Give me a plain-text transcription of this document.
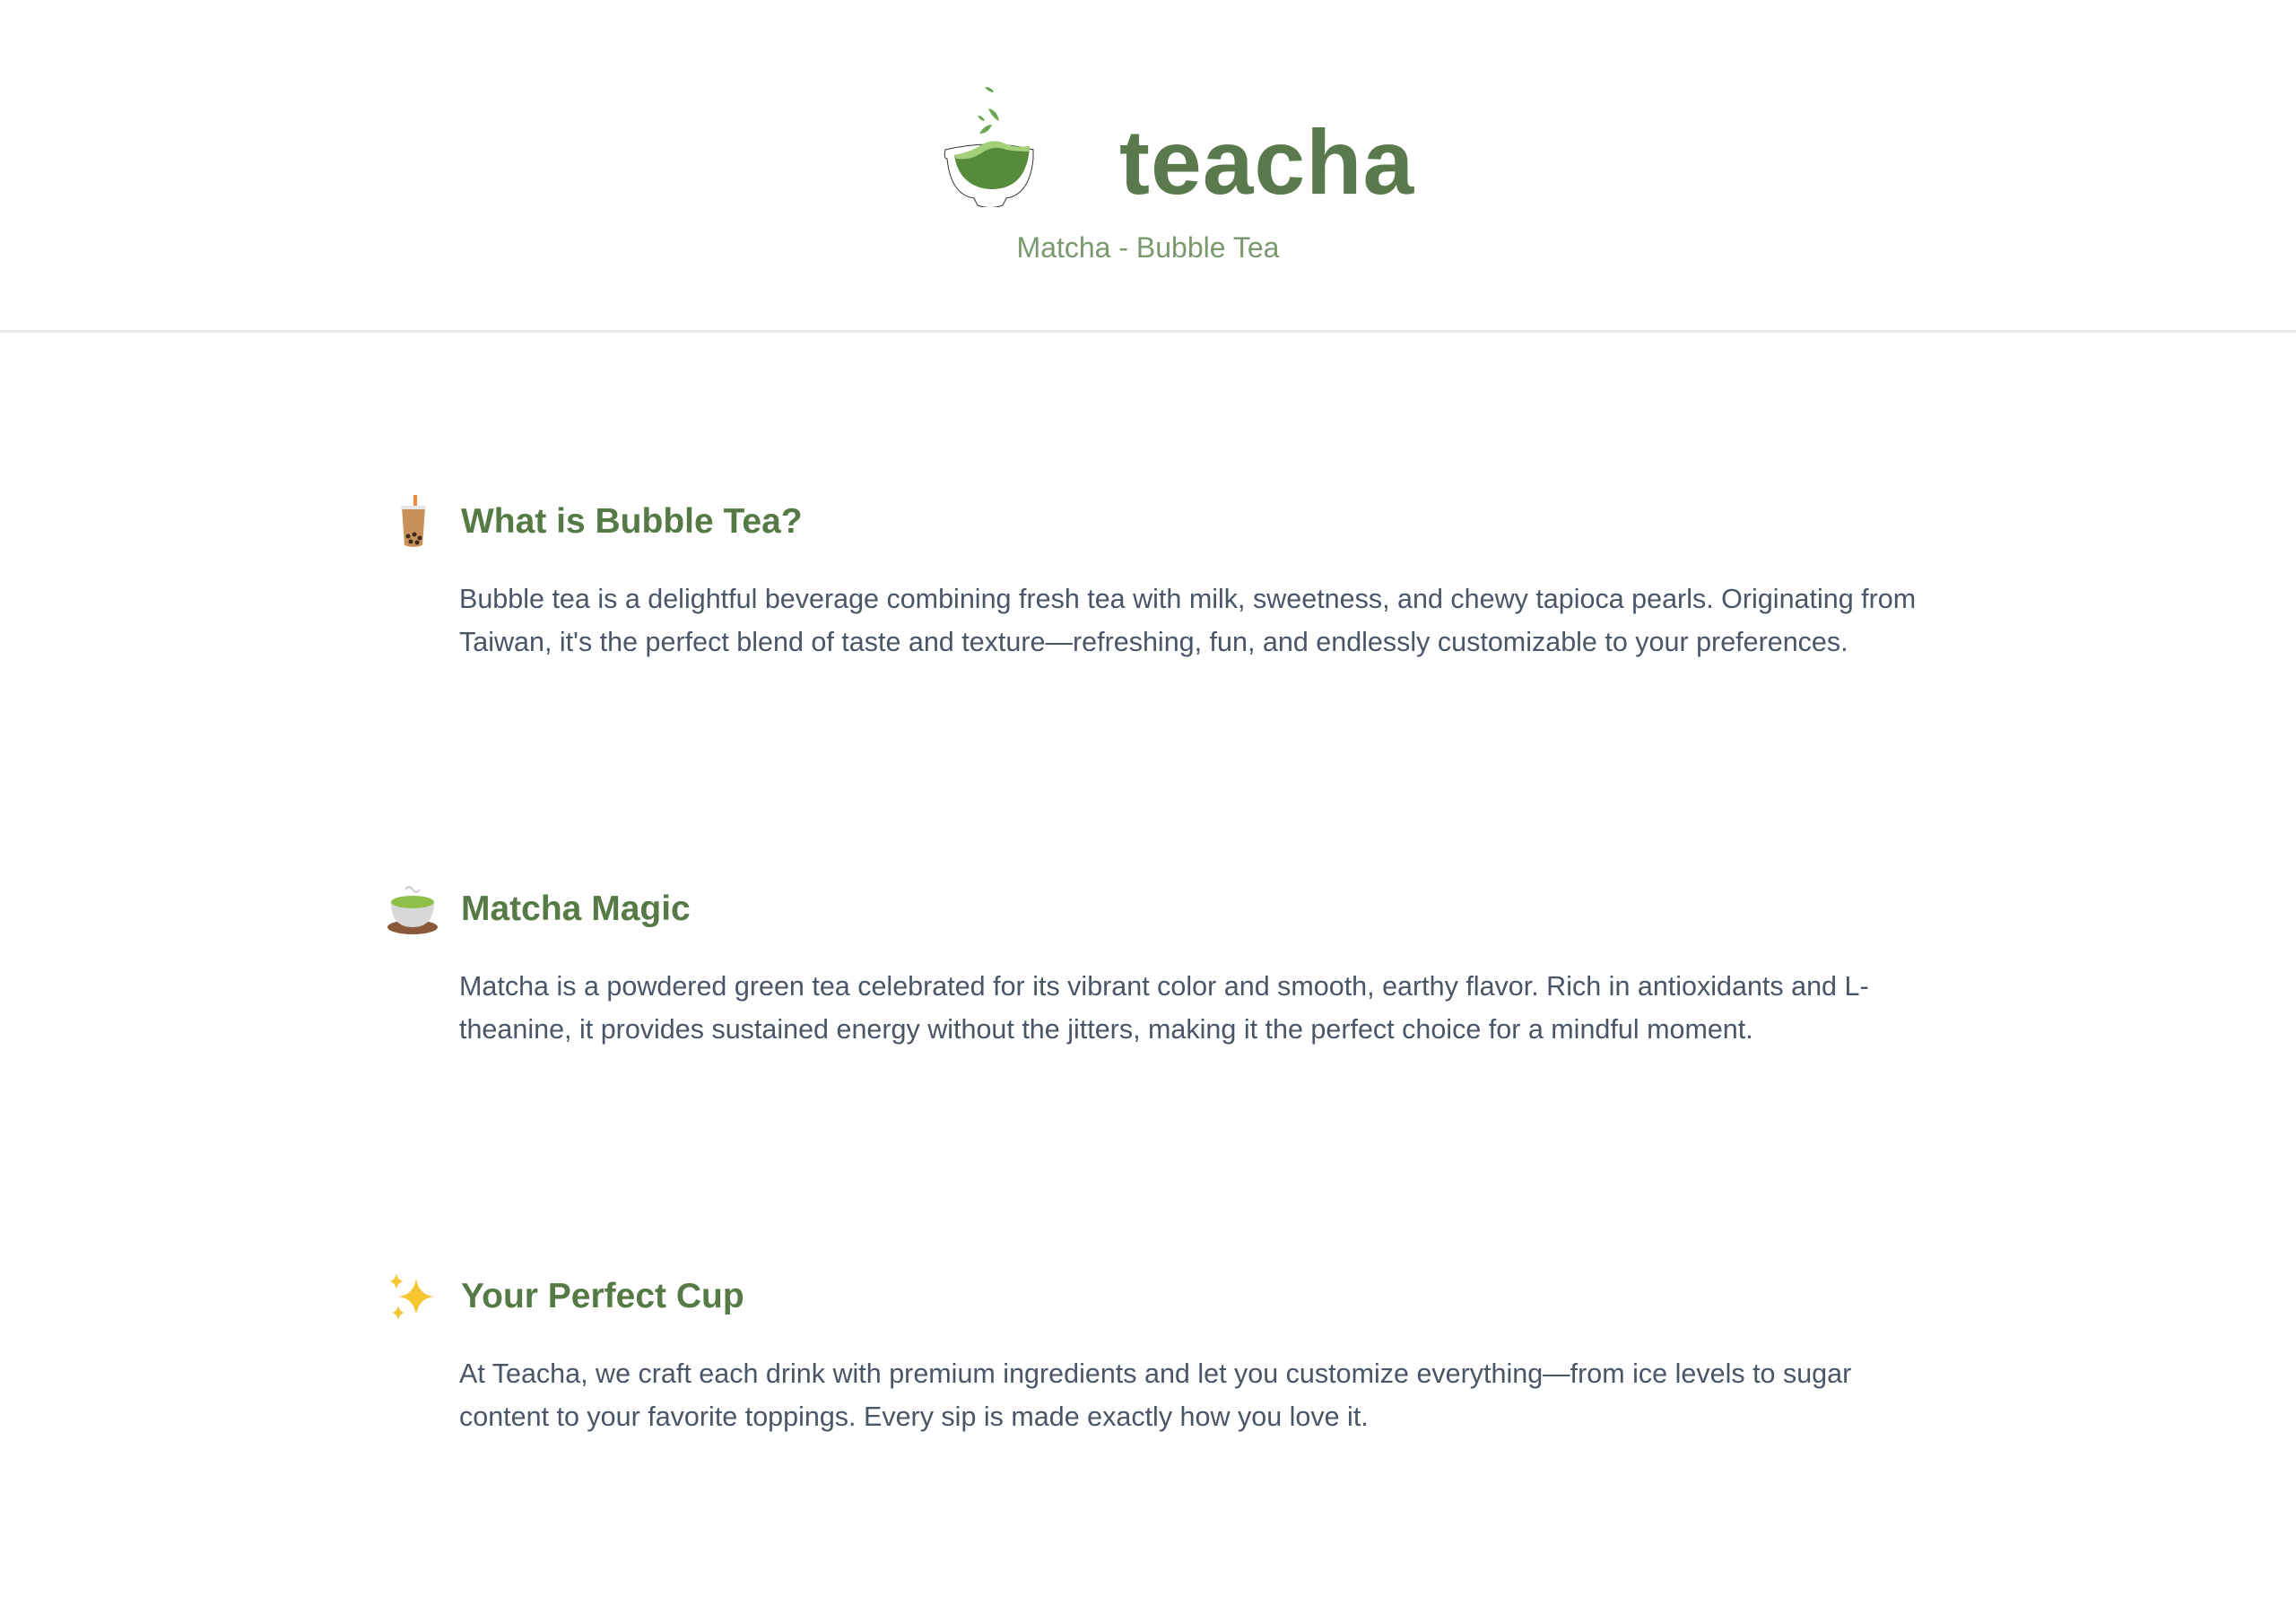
teacha
Matcha - Bubble Tea
What is Bubble Tea?

Bubble tea is a delightful beverage combining fresh tea with milk, sweetness, and chewy tapioca pearls. Originating from Taiwan, it's the perfect blend of taste and texture—refreshing, fun, and endlessly customizable to your preferences.

Matcha Magic

Matcha is a powdered green tea celebrated for its vibrant color and smooth, earthy flavor. Rich in antioxidants and L-theanine, it provides sustained energy without the jitters, making it the perfect choice for a mindful moment.

Your Perfect Cup

At Teacha, we craft each drink with premium ingredients and let you customize everything—from ice levels to sugar content to your favorite toppings. Every sip is made exactly how you love it.
